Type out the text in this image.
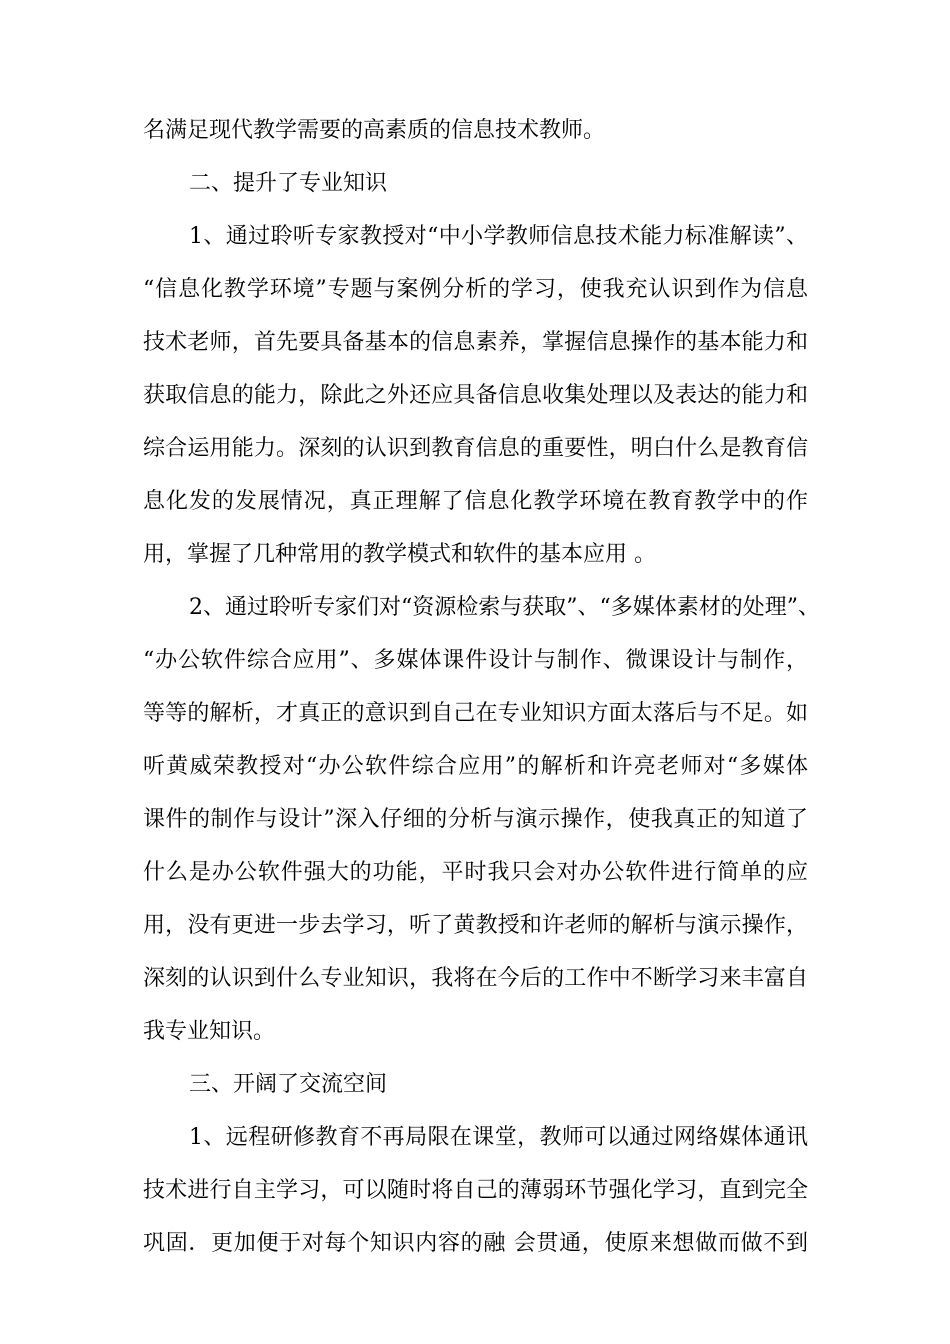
名满足现代教学需要的高素质的信息技术教师。
二、提升了专业知识
1、通过聆听专家教授对“中小学教师信息技术能力标准解读”、
“信息化教学环境”专题与案例分析的学习，使我充认识到作为信息
技术老师，首先要具备基本的信息素养，掌握信息操作的基本能力和
获取信息的能力，除此之外还应具备信息收集处理以及表达的能力和
综合运用能力。深刻的认识到教育信息的重要性，明白什么是教育信
息化发的发展情况，真正理解了信息化教学环境在教育教学中的作
用，掌握了几种常用的教学模式和软件的基本应用 。
2、通过聆听专家们对“资源检索与获取”、“多媒体素材的处理”、
“办公软件综合应用”、多媒体课件设计与制作、微课设计与制作，
等等的解析，才真正的意识到自己在专业知识方面太落后与不足。如
听黄威荣教授对“办公软件综合应用”的解析和许亮老师对“多媒体
课件的制作与设计”深入仔细的分析与演示操作，使我真正的知道了
什么是办公软件强大的功能，平时我只会对办公软件进行简单的应
用，没有更进一步去学习，听了黄教授和许老师的解析与演示操作，
深刻的认识到什么专业知识，我将在今后的工作中不断学习来丰富自
我专业知识。
三、开阔了交流空间
1、远程研修教育不再局限在课堂，教师可以通过网络媒体通讯
技术进行自主学习，可以随时将自己的薄弱环节强化学习，直到完全
巩固．更加便于对每个知识内容的融 会贯通，使原来想做而做不到
